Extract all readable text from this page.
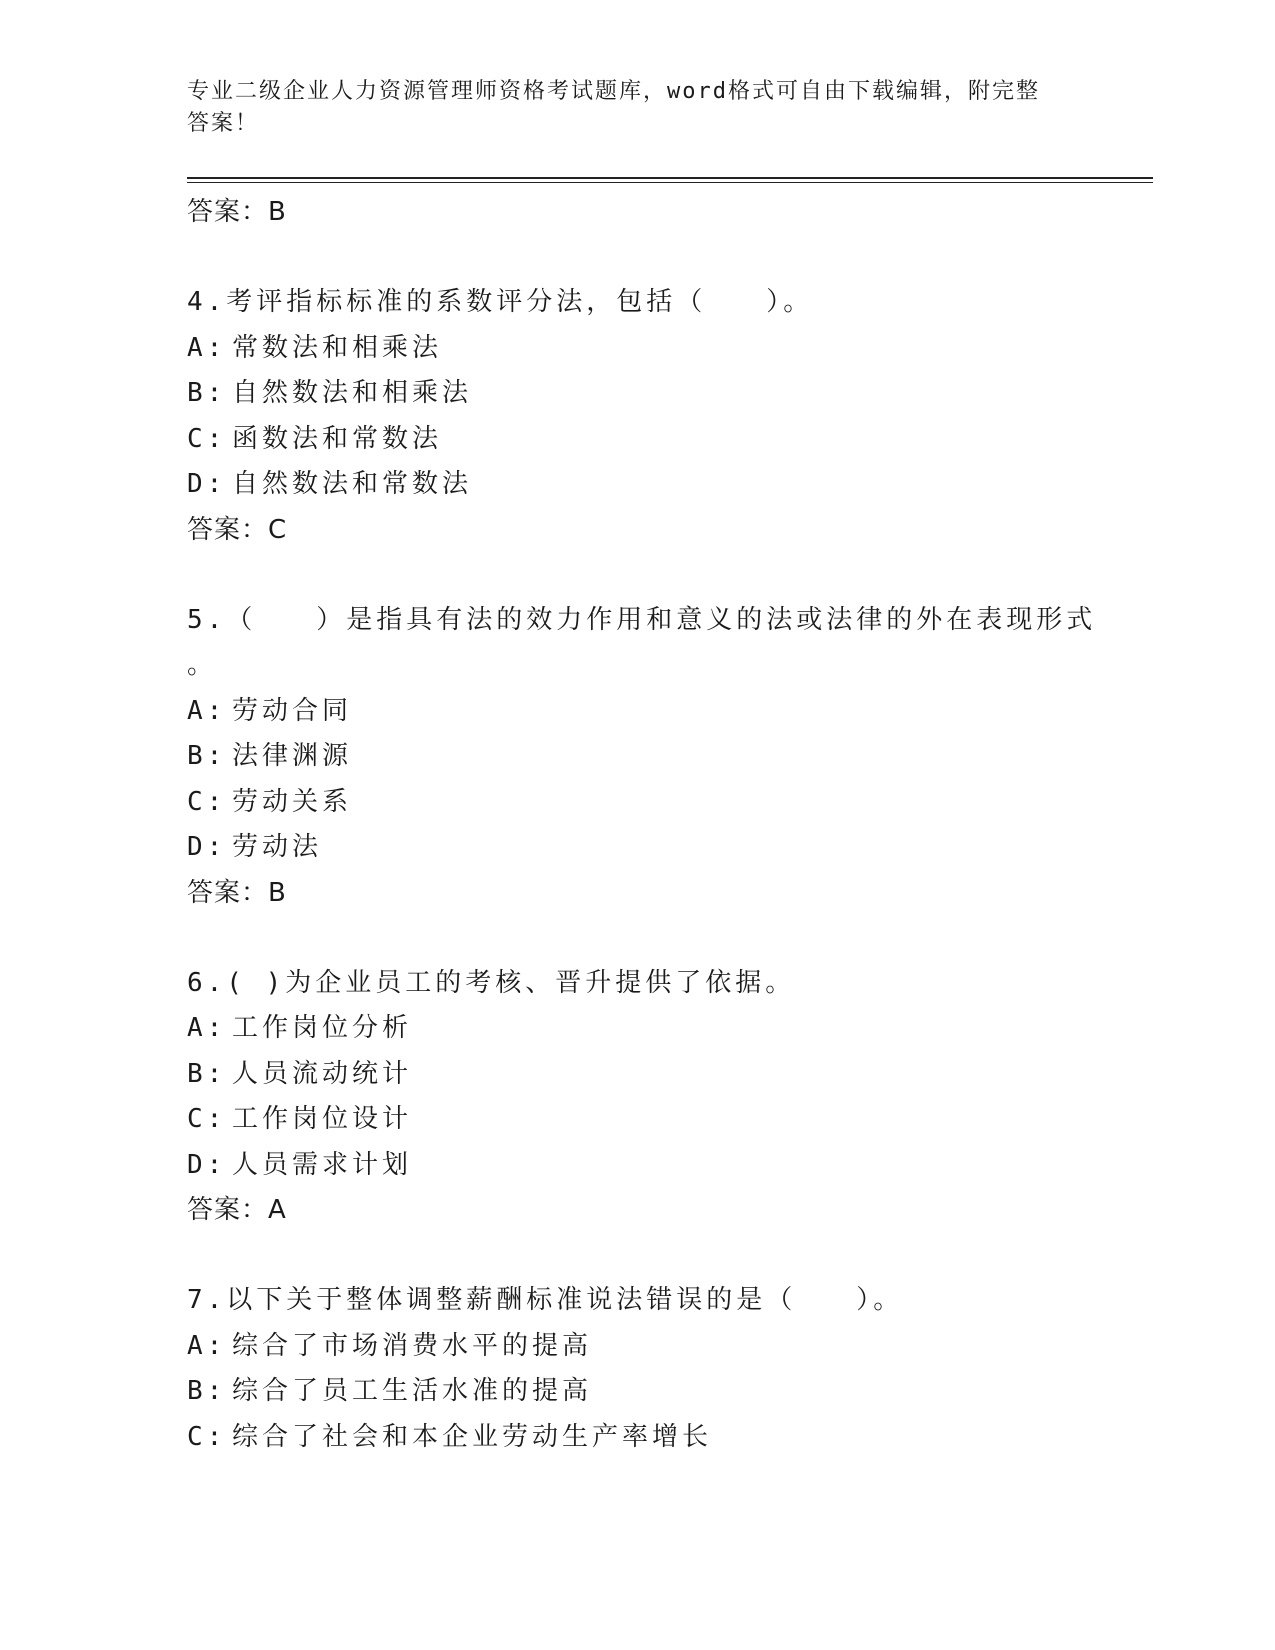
专业二级企业人力资源管理师资格考试题库，word格式可自由下载编辑，附完整
答案！
答案：B
4.考评指标标准的系数评分法，包括（　　）。
A: 常数法和相乘法
B: 自然数法和相乘法
C: 函数法和常数法
D: 自然数法和常数法
答案：C
5.（　　）是指具有法的效力作用和意义的法或法律的外在表现形式
。
A: 劳动合同
B: 法律渊源
C: 劳动关系
D: 劳动法
答案：B
6.( )为企业员工的考核、晋升提供了依据。
A: 工作岗位分析
B: 人员流动统计
C: 工作岗位设计
D: 人员需求计划
答案：A
7.以下关于整体调整薪酬标准说法错误的是（　　）。
A: 综合了市场消费水平的提高
B: 综合了员工生活水准的提高
C: 综合了社会和本企业劳动生产率增长
